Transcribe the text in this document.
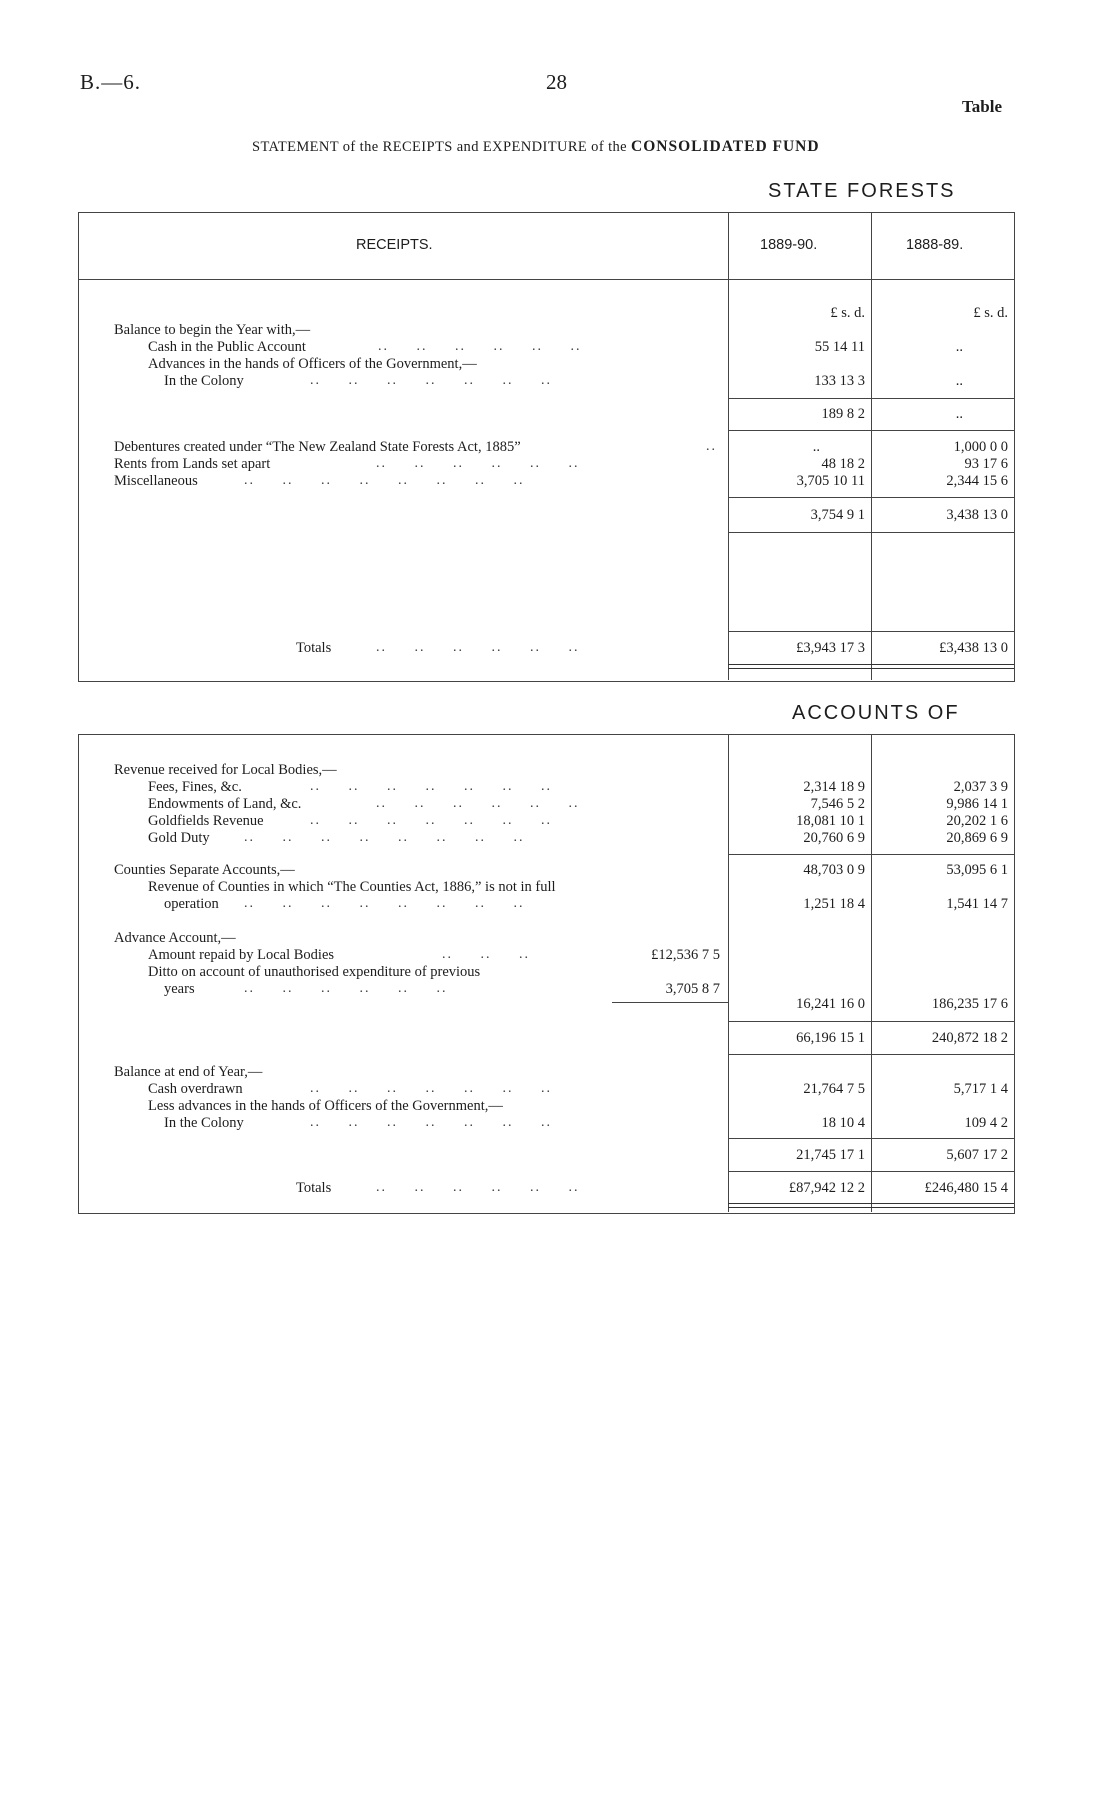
B.—6.	28
Table
STATEMENT of the RECEIPTS and EXPENDITURE of the CONSOLIDATED FUND
STATE FORESTS
RECEIPTS.	1889-90.	1888-89.
£ s. d.	£ s. d.
Balance to begin the Year with,—
Cash in the Public Account	..     ..     ..     ..     ..     ..	55 14 11	..
Advances in the hands of Officers of the Government,—
In the Colony	..     ..     ..     ..     ..     ..     ..	133 13 3	..
189 8 2	..
Debentures created under “The New Zealand State Forests Act, 1885”	..	..	1,000 0 0
Rents from Lands set apart	..     ..     ..     ..     ..     ..	48 18 2	93 17 6
Miscellaneous	..     ..     ..     ..     ..     ..     ..     ..	3,705 10 11	2,344 15 6
3,754 9 1	3,438 13 0
Totals	..     ..     ..     ..     ..     ..	£3,943 17 3	£3,438 13 0
ACCOUNTS OF
Revenue received for Local Bodies,—
Fees, Fines, &c.	..     ..     ..     ..     ..     ..     ..	2,314 18 9	2,037 3 9
Endowments of Land, &c.	..     ..     ..     ..     ..     ..	7,546 5 2	9,986 14 1
Goldfields Revenue	..     ..     ..     ..     ..     ..     ..	18,081 10 1	20,202 1 6
Gold Duty ..     ..     ..     ..     ..     ..     ..     ..	20,760 6 9	20,869 6 9
Counties Separate Accounts,—	48,703 0 9	53,095 6 1
Revenue of Counties in which “The Counties Act, 1886,” is not in full
operation ..     ..     ..     ..     ..     ..     ..     ..	1,251 18 4	1,541 14 7
Advance Account,—
Amount repaid by Local Bodies	..     ..     ..	£12,536 7 5
Ditto on account of unauthorised expenditure of previous
years	..     ..     ..     ..     ..     ..	3,705 8 7
16,241 16 0	186,235 17 6
66,196 15 1	240,872 18 2
Balance at end of Year,—
Cash overdrawn	..     ..     ..     ..     ..     ..     ..	21,764 7 5	5,717 1 4
Less advances in the hands of Officers of the Government,—
In the Colony	..     ..     ..     ..     ..     ..     ..	18 10 4	109 4 2
21,745 17 1	5,607 17 2
Totals	..     ..     ..     ..     ..     ..	£87,942 12 2	£246,480 15 4
